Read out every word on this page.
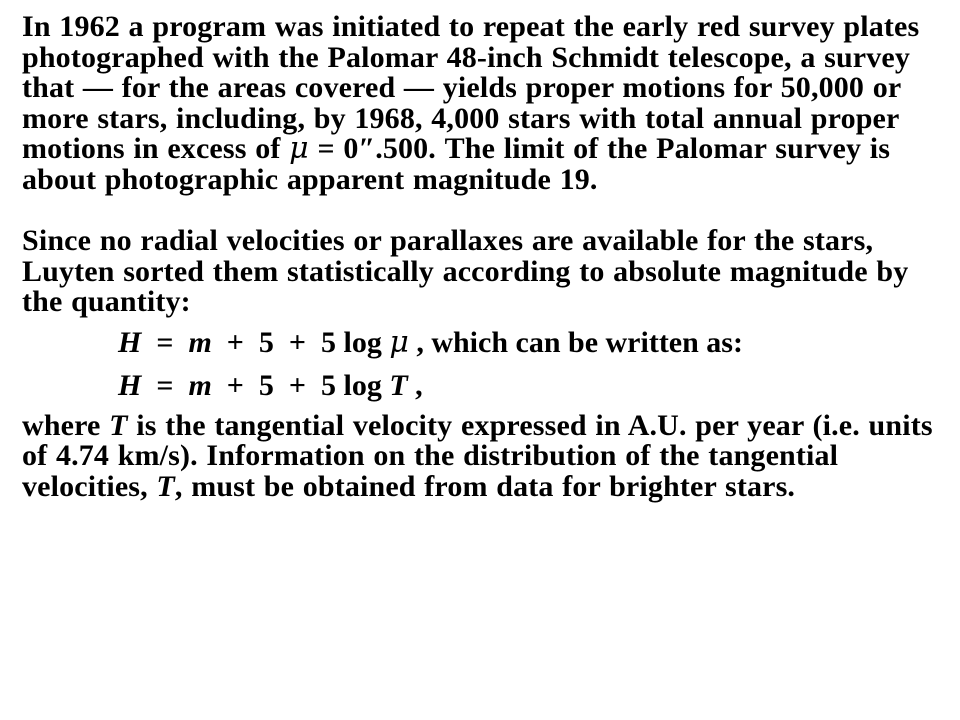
In 1962 a program was initiated to repeat the early red survey plates photographed with the Palomar 48-inch Schmidt telescope, a survey that — for the areas covered — yields proper motions for 50,000 or more stars, including, by 1968, 4,000 stars with total annual proper motions in excess of μ = 0″.500. The limit of the Palomar survey is about photographic apparent magnitude 19.

Since no radial velocities or parallaxes are available for the stars, Luyten sorted them statistically according to absolute magnitude by the quantity:

H  =  m  +  5  +  5 log μ , which can be written as:

H  =  m  +  5  +  5 log T ,

where T is the tangential velocity expressed in A.U. per year (i.e. units of 4.74 km/s). Information on the distribution of the tangential velocities, T, must be obtained from data for brighter stars.
